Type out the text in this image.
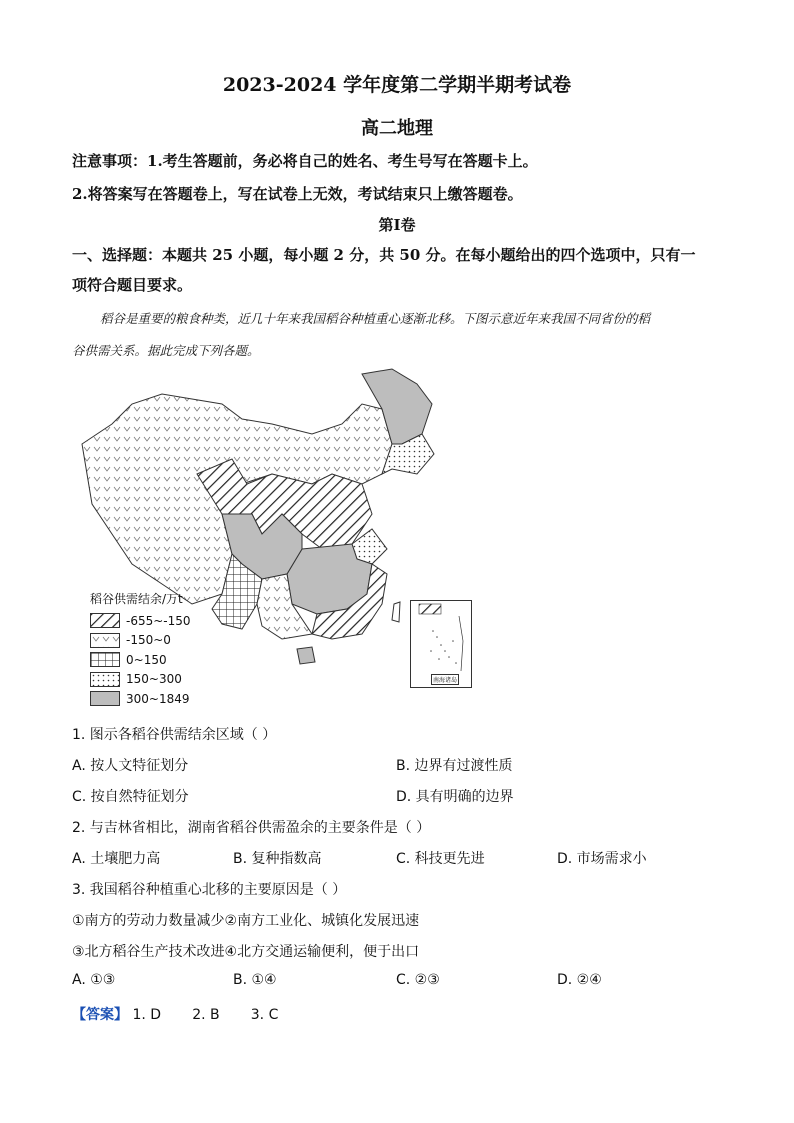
2023-2024 学年度第二学期半期考试卷
高二地理
注意事项：1.考生答题前，务必将自己的姓名、考生号写在答题卡上。
2.将答案写在答题卷上，写在试卷上无效，考试结束只上缴答题卷。
第Ⅰ卷
一、选择题：本题共 25 小题，每小题 2 分，共 50 分。在每小题给出的四个选项中，只有一
项符合题目要求。
稻谷是重要的粮食种类，近几十年来我国稻谷种植重心逐渐北移。下图示意近年来我国不同省份的稻
谷供需关系。据此完成下列各题。
南海诸岛
稻谷供需结余/万t
-655~-150
-150~0
0~150
150~300
300~1849
1. 图示各稻谷供需结余区域（ ）
A. 按人文特征划分	B. 边界有过渡性质
C. 按自然特征划分	D. 具有明确的边界
2. 与吉林省相比，湖南省稻谷供需盈余的主要条件是（ ）
A. 土壤肥力高	B. 复种指数高	C. 科技更先进	D. 市场需求小
3. 我国稻谷种植重心北移的主要原因是（ ）
①南方的劳动力数量减少②南方工业化、城镇化发展迅速
③北方稻谷生产技术改进④北方交通运输便利，便于出口
A. ①③	B. ①④	C. ②③	D. ②④
【答案】 1. D       2. B       3. C
